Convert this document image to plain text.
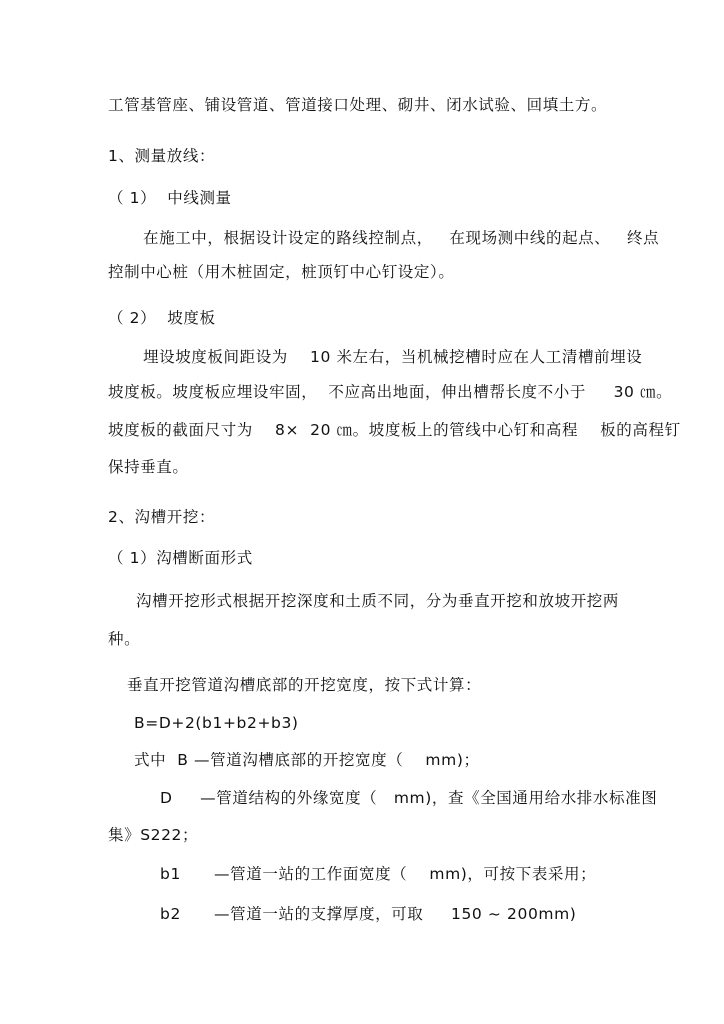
工管基管座、铺设管道、管道接口处理、砌井、闭水试验、回填土方。
1、测量放线：
（ 1）  中线测量
在施工中，根据设计设定的路线控制点，   在现场测中线的起点、   终点
控制中心桩（用木桩固定，桩顶钉中心钉设定）。
（ 2）  坡度板
埋设坡度板间距设为    10 米左右，当机械挖槽时应在人工清槽前埋设
坡度板。坡度板应埋设牢固，  不应高出地面，伸出槽帮长度不小于     30 ㎝。
坡度板的截面尺寸为    8×  20 ㎝。坡度板上的管线中心钉和高程    板的高程钉
保持垂直。
2、沟槽开挖：
（ 1）沟槽断面形式
沟槽开挖形式根据开挖深度和土质不同，分为垂直开挖和放坡开挖两
种。
垂直开挖管道沟槽底部的开挖宽度，按下式计算：
B=D+2(b1+b2+b3)
式中  B —管道沟槽底部的开挖宽度（    mm)；
D     —管道结构的外缘宽度（   mm)，查《全国通用给水排水标准图
集》S222；
b1      —管道一站的工作面宽度（    mm)，可按下表采用；
b2      —管道一站的支撑厚度，可取     150 ~ 200mm)
